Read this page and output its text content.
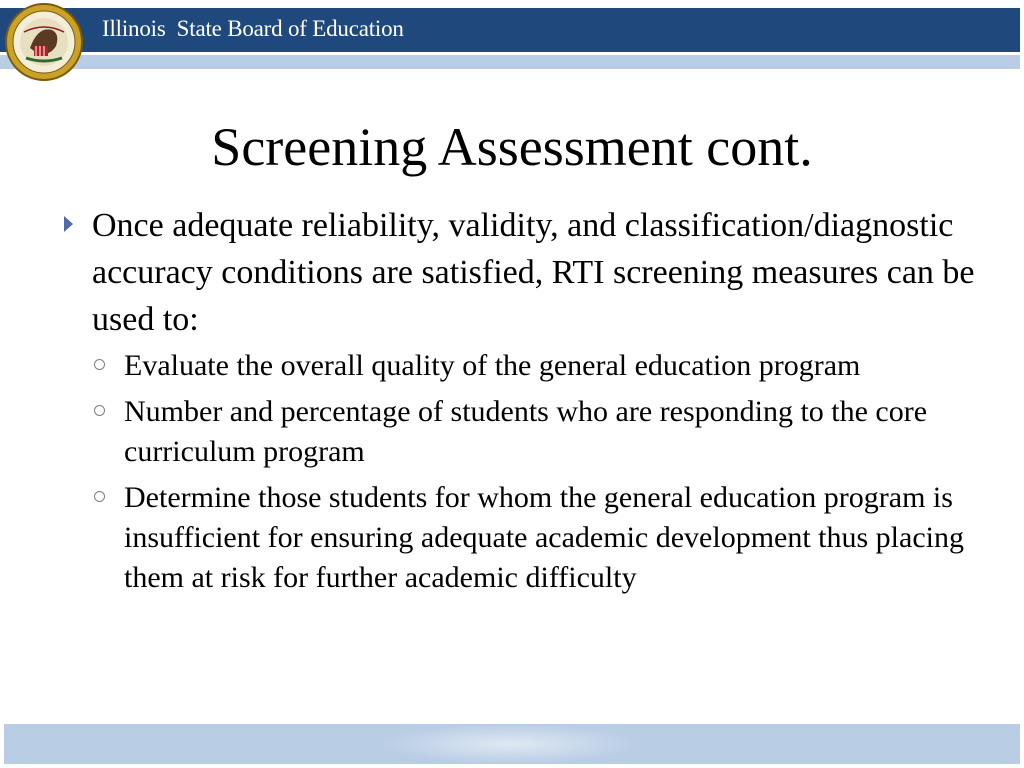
Illinois  State Board of Education
Screening Assessment cont.
Once adequate reliability, validity, and classification/diagnostic accuracy conditions are satisfied, RTI screening measures can be used to:
Evaluate the overall quality of the general education program
Number and percentage of students who are responding to the core curriculum program
Determine those students for whom the general education program is insufficient for ensuring adequate academic development thus placing them at risk for further academic difficulty
